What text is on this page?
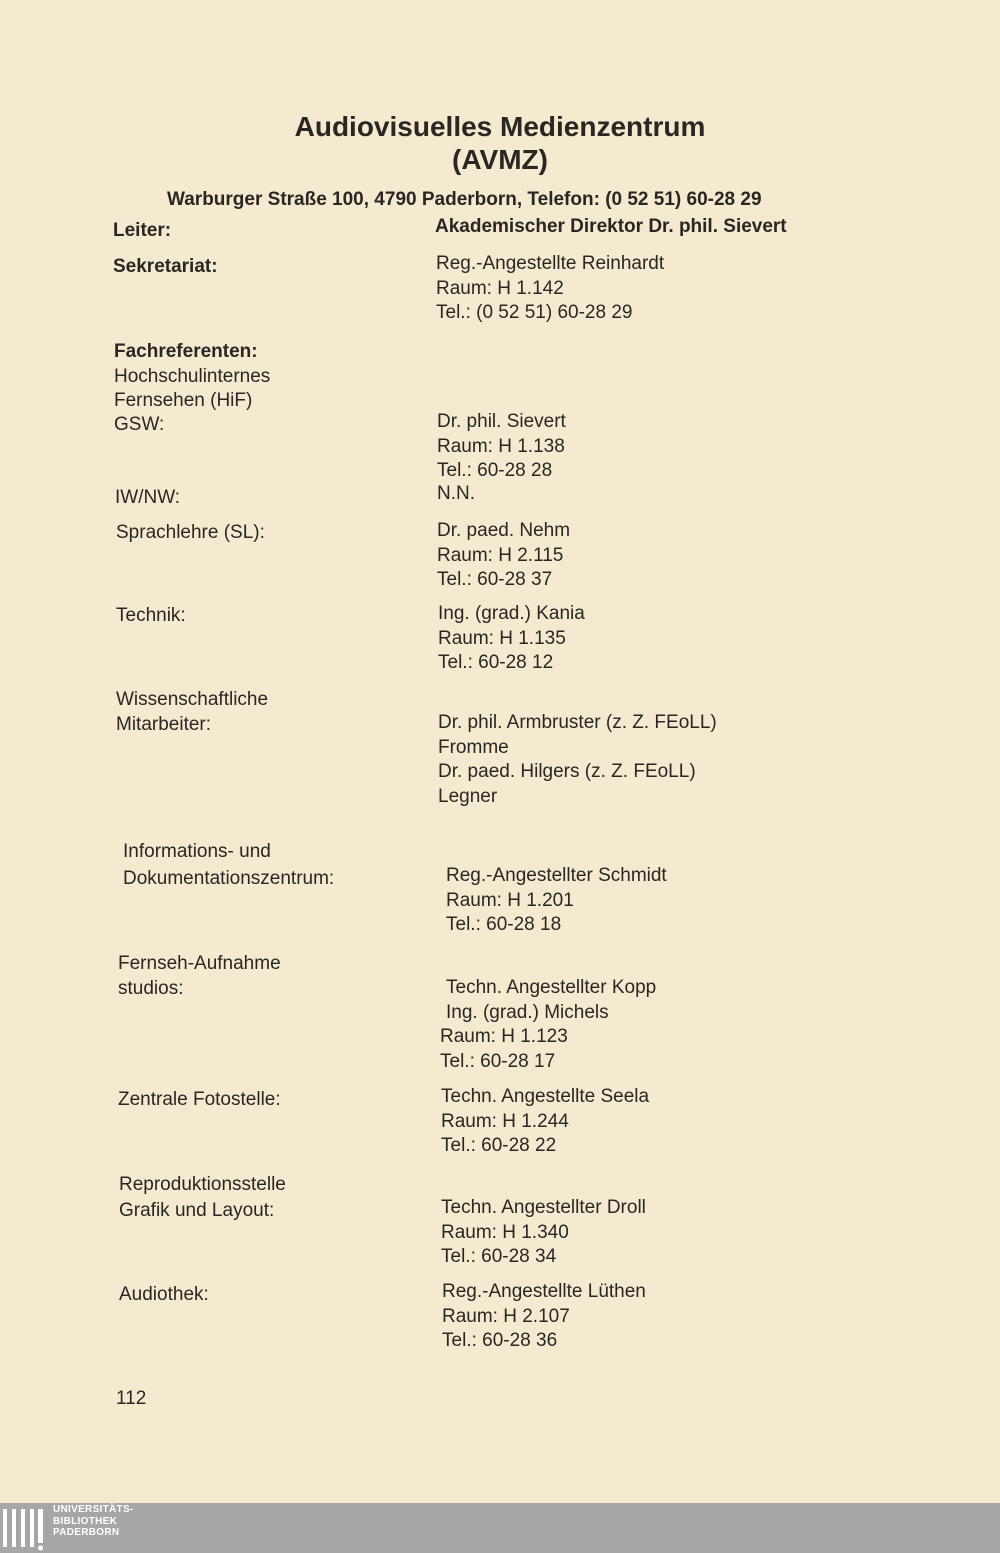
Audiovisuelles Medienzentrum
(AVMZ)
Warburger Straße 100, 4790 Paderborn, Telefon: (0 52 51) 60-28 29
Leiter:	Akademischer Direktor Dr. phil. Sievert
Sekretariat:	Reg.-Angestellte Reinhardt
Raum: H 1.142
Tel.: (0 52 51) 60-28 29
Fachreferenten:
Hochschulinternes
Fernsehen (HiF)
GSW:	Dr. phil. Sievert
Raum: H 1.138
Tel.: 60-28 28
IW/NW:	N.N.
Sprachlehre (SL):	Dr. paed. Nehm
Raum: H 2.115
Tel.: 60-28 37
Technik:	Ing. (grad.) Kania
Raum: H 1.135
Tel.: 60-28 12
Wissenschaftliche
Mitarbeiter:	Dr. phil. Armbruster (z. Z. FEoLL)
Fromme
Dr. paed. Hilgers (z. Z. FEoLL)
Legner
Informations- und
Dokumentationszentrum:	Reg.-Angestellter Schmidt
Raum: H 1.201
Tel.: 60-28 18
Fernseh-Aufnahme
studios:	Techn. Angestellter Kopp
Ing. (grad.) Michels
Raum: H 1.123
Tel.: 60-28 17
Zentrale Fotostelle:	Techn. Angestellte Seela
Raum: H 1.244
Tel.: 60-28 22
Reproduktionsstelle
Grafik und Layout:	Techn. Angestellter Droll
Raum: H 1.340
Tel.: 60-28 34
Audiothek:	Reg.-Angestellte Lüthen
Raum: H 2.107
Tel.: 60-28 36
112
UNIVERSITÄTS-
BIBLIOTHEK
PADERBORN
